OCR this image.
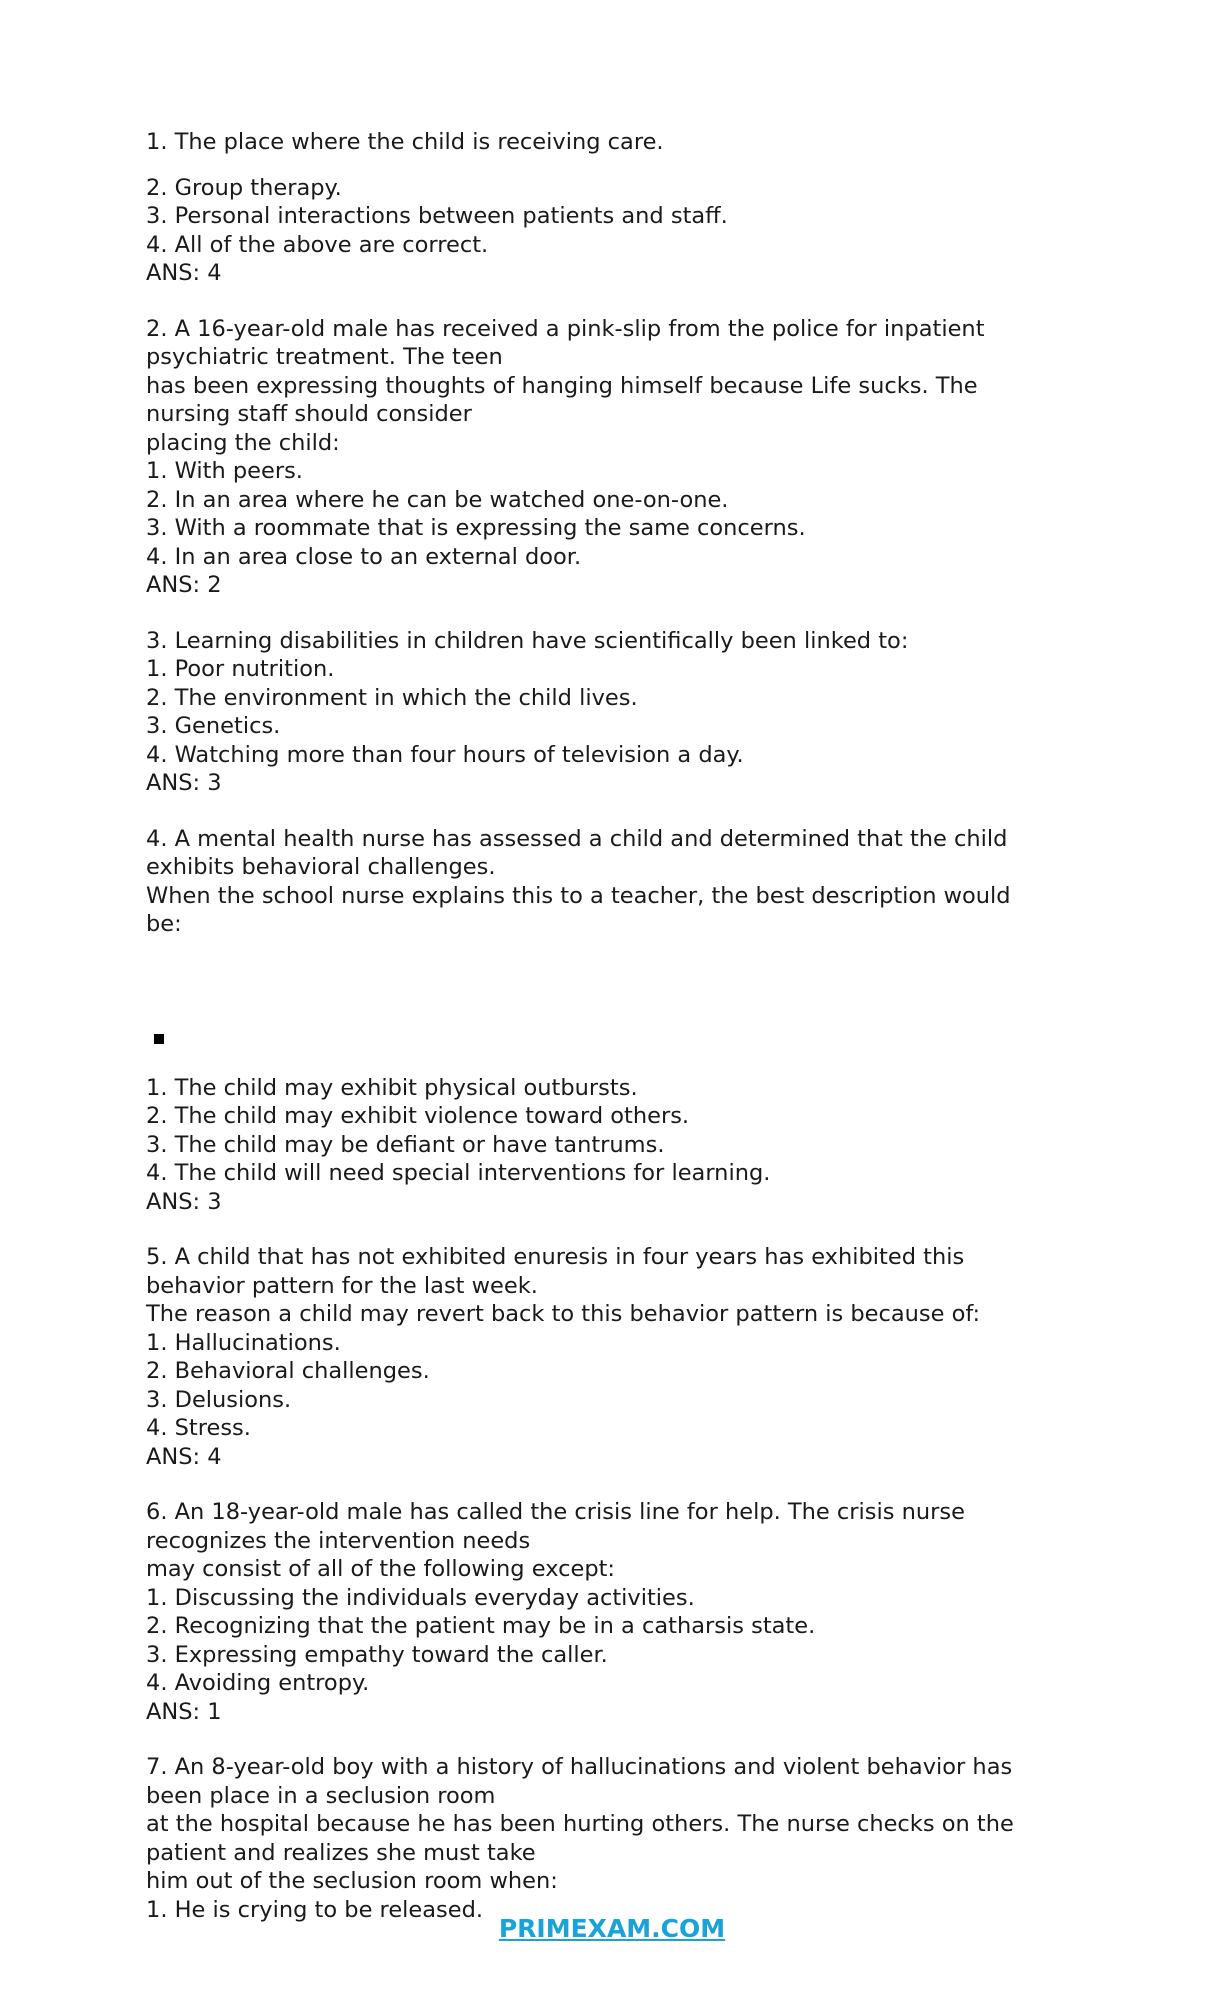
1. The place where the child is receiving care.
2. Group therapy.
3. Personal interactions between patients and staff.
4. All of the above are correct.
ANS: 4
2. A 16-year-old male has received a pink-slip from the police for inpatient
psychiatric treatment. The teen
has been expressing thoughts of hanging himself because Life sucks. The
nursing staff should consider
placing the child:
1. With peers.
2. In an area where he can be watched one-on-one.
3. With a roommate that is expressing the same concerns.
4. In an area close to an external door.
ANS: 2
3. Learning disabilities in children have scientifically been linked to:
1. Poor nutrition.
2. The environment in which the child lives.
3. Genetics.
4. Watching more than four hours of television a day.
ANS: 3
4. A mental health nurse has assessed a child and determined that the child
exhibits behavioral challenges.
When the school nurse explains this to a teacher, the best description would
be:
1. The child may exhibit physical outbursts.
2. The child may exhibit violence toward others.
3. The child may be defiant or have tantrums.
4. The child will need special interventions for learning.
ANS: 3
5. A child that has not exhibited enuresis in four years has exhibited this
behavior pattern for the last week.
The reason a child may revert back to this behavior pattern is because of:
1. Hallucinations.
2. Behavioral challenges.
3. Delusions.
4. Stress.
ANS: 4
6. An 18-year-old male has called the crisis line for help. The crisis nurse
recognizes the intervention needs
may consist of all of the following except:
1. Discussing the individuals everyday activities.
2. Recognizing that the patient may be in a catharsis state.
3. Expressing empathy toward the caller.
4. Avoiding entropy.
ANS: 1
7. An 8-year-old boy with a history of hallucinations and violent behavior has
been place in a seclusion room
at the hospital because he has been hurting others. The nurse checks on the
patient and realizes she must take
him out of the seclusion room when:
1. He is crying to be released.
PRIMEXAM.COM
